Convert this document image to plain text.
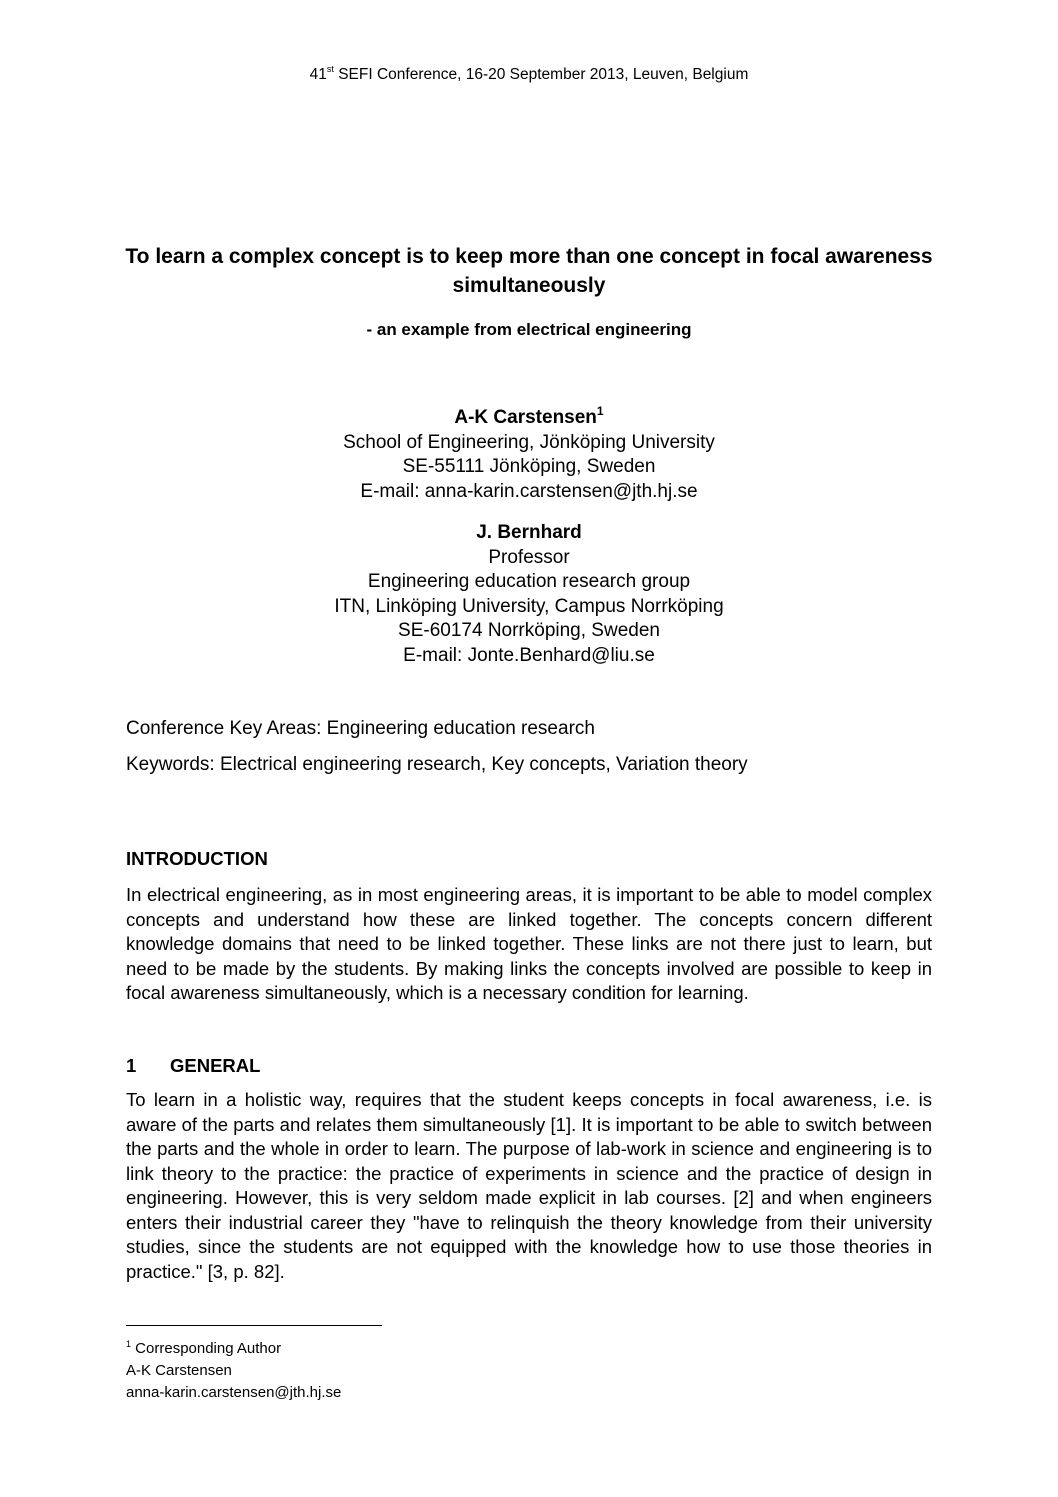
41st SEFI Conference, 16-20 September 2013, Leuven, Belgium
To learn a complex concept is to keep more than one concept in focal awareness simultaneously
- an example from electrical engineering
A-K Carstensen$^1$
School of Engineering, Jönköping University
SE-55111 Jönköping, Sweden
E-mail: anna-karin.carstensen@jth.hj.se
J. Bernhard
Professor
Engineering education research group
ITN, Linköping University, Campus Norrköping
SE-60174 Norrköping, Sweden
E-mail: Jonte.Benhard@liu.se
Conference Key Areas: Engineering education research
Keywords: Electrical engineering research, Key concepts, Variation theory
INTRODUCTION
In electrical engineering, as in most engineering areas, it is important to be able to model complex concepts and understand how these are linked together. The concepts concern different knowledge domains that need to be linked together. These links are not there just to learn, but need to be made by the students. By making links the concepts involved are possible to keep in focal awareness simultaneously, which is a necessary condition for learning.
1 GENERAL
To learn in a holistic way, requires that the student keeps concepts in focal awareness, i.e. is aware of the parts and relates them simultaneously [1]. It is important to be able to switch between the parts and the whole in order to learn. The purpose of lab-work in science and engineering is to link theory to the practice: the practice of experiments in science and the practice of design in engineering. However, this is very seldom made explicit in lab courses. [2] and when engineers enters their industrial career they "have to relinquish the theory knowledge from their university studies, since the students are not equipped with the knowledge how to use those theories in practice." [3, p. 82].
$^1$ Corresponding Author
A-K Carstensen
anna-karin.carstensen@jth.hj.se
